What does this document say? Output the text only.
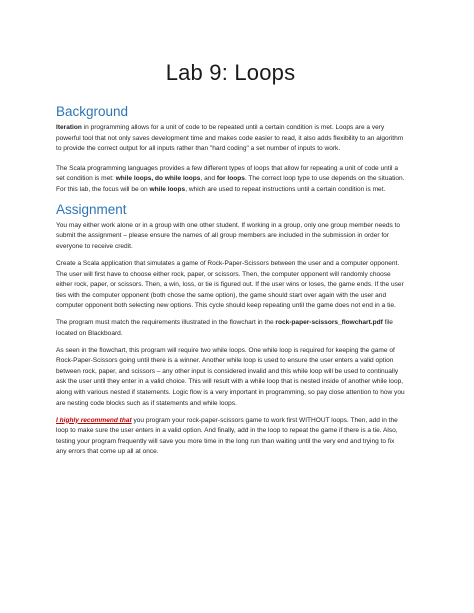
Lab 9: Loops
Background

Iteration in programming allows for a unit of code to be repeated until a certain condition is met. Loops are a very powerful tool that not only saves development time and makes code easier to read, it also adds flexibility to an algorithm to provide the correct output for all inputs rather than "hard coding" a set number of inputs to work.

The Scala programming languages provides a few different types of loops that allow for repeating a unit of code until a set condition is met: while loops, do while loops, and for loops. The correct loop type to use depends on the situation. For this lab, the focus will be on while loops, which are used to repeat instructions until a certain condition is met.

Assignment

You may either work alone or in a group with one other student. If working in a group, only one group member needs to submit the assignment – please ensure the names of all group members are included in the submission in order for everyone to receive credit.

Create a Scala application that simulates a game of Rock-Paper-Scissors between the user and a computer opponent. The user will first have to choose either rock, paper, or scissors. Then, the computer opponent will randomly choose either rock, paper, or scissors. Then, a win, loss, or tie is figured out. If the user wins or loses, the game ends. If the user ties with the computer opponent (both chose the same option), the game should start over again with the user and computer opponent both selecting new options. This cycle should keep repeating until the game does not end in a tie.

The program must match the requirements illustrated in the flowchart in the rock-paper-scissors_flowchart.pdf file located on Blackboard.

As seen in the flowchart, this program will require two while loops. One while loop is required for keeping the game of Rock-Paper-Scissors going until there is a winner. Another while loop is used to ensure the user enters a valid option between rock, paper, and scissors – any other input is considered invalid and this while loop will be used to continually ask the user until they enter in a valid choice. This will result with a while loop that is nested inside of another while loop, along with various nested if statements. Logic flow is a very important in programming, so pay close attention to how you are nesting code blocks such as if statements and while loops.

I highly recommend that you program your rock-paper-scissors game to work first WITHOUT loops. Then, add in the loop to make sure the user enters in a valid option. And finally, add in the loop to repeat the game if there is a tie. Also, testing your program frequently will save you more time in the long run than waiting until the very end and trying to fix any errors that come up all at once.
